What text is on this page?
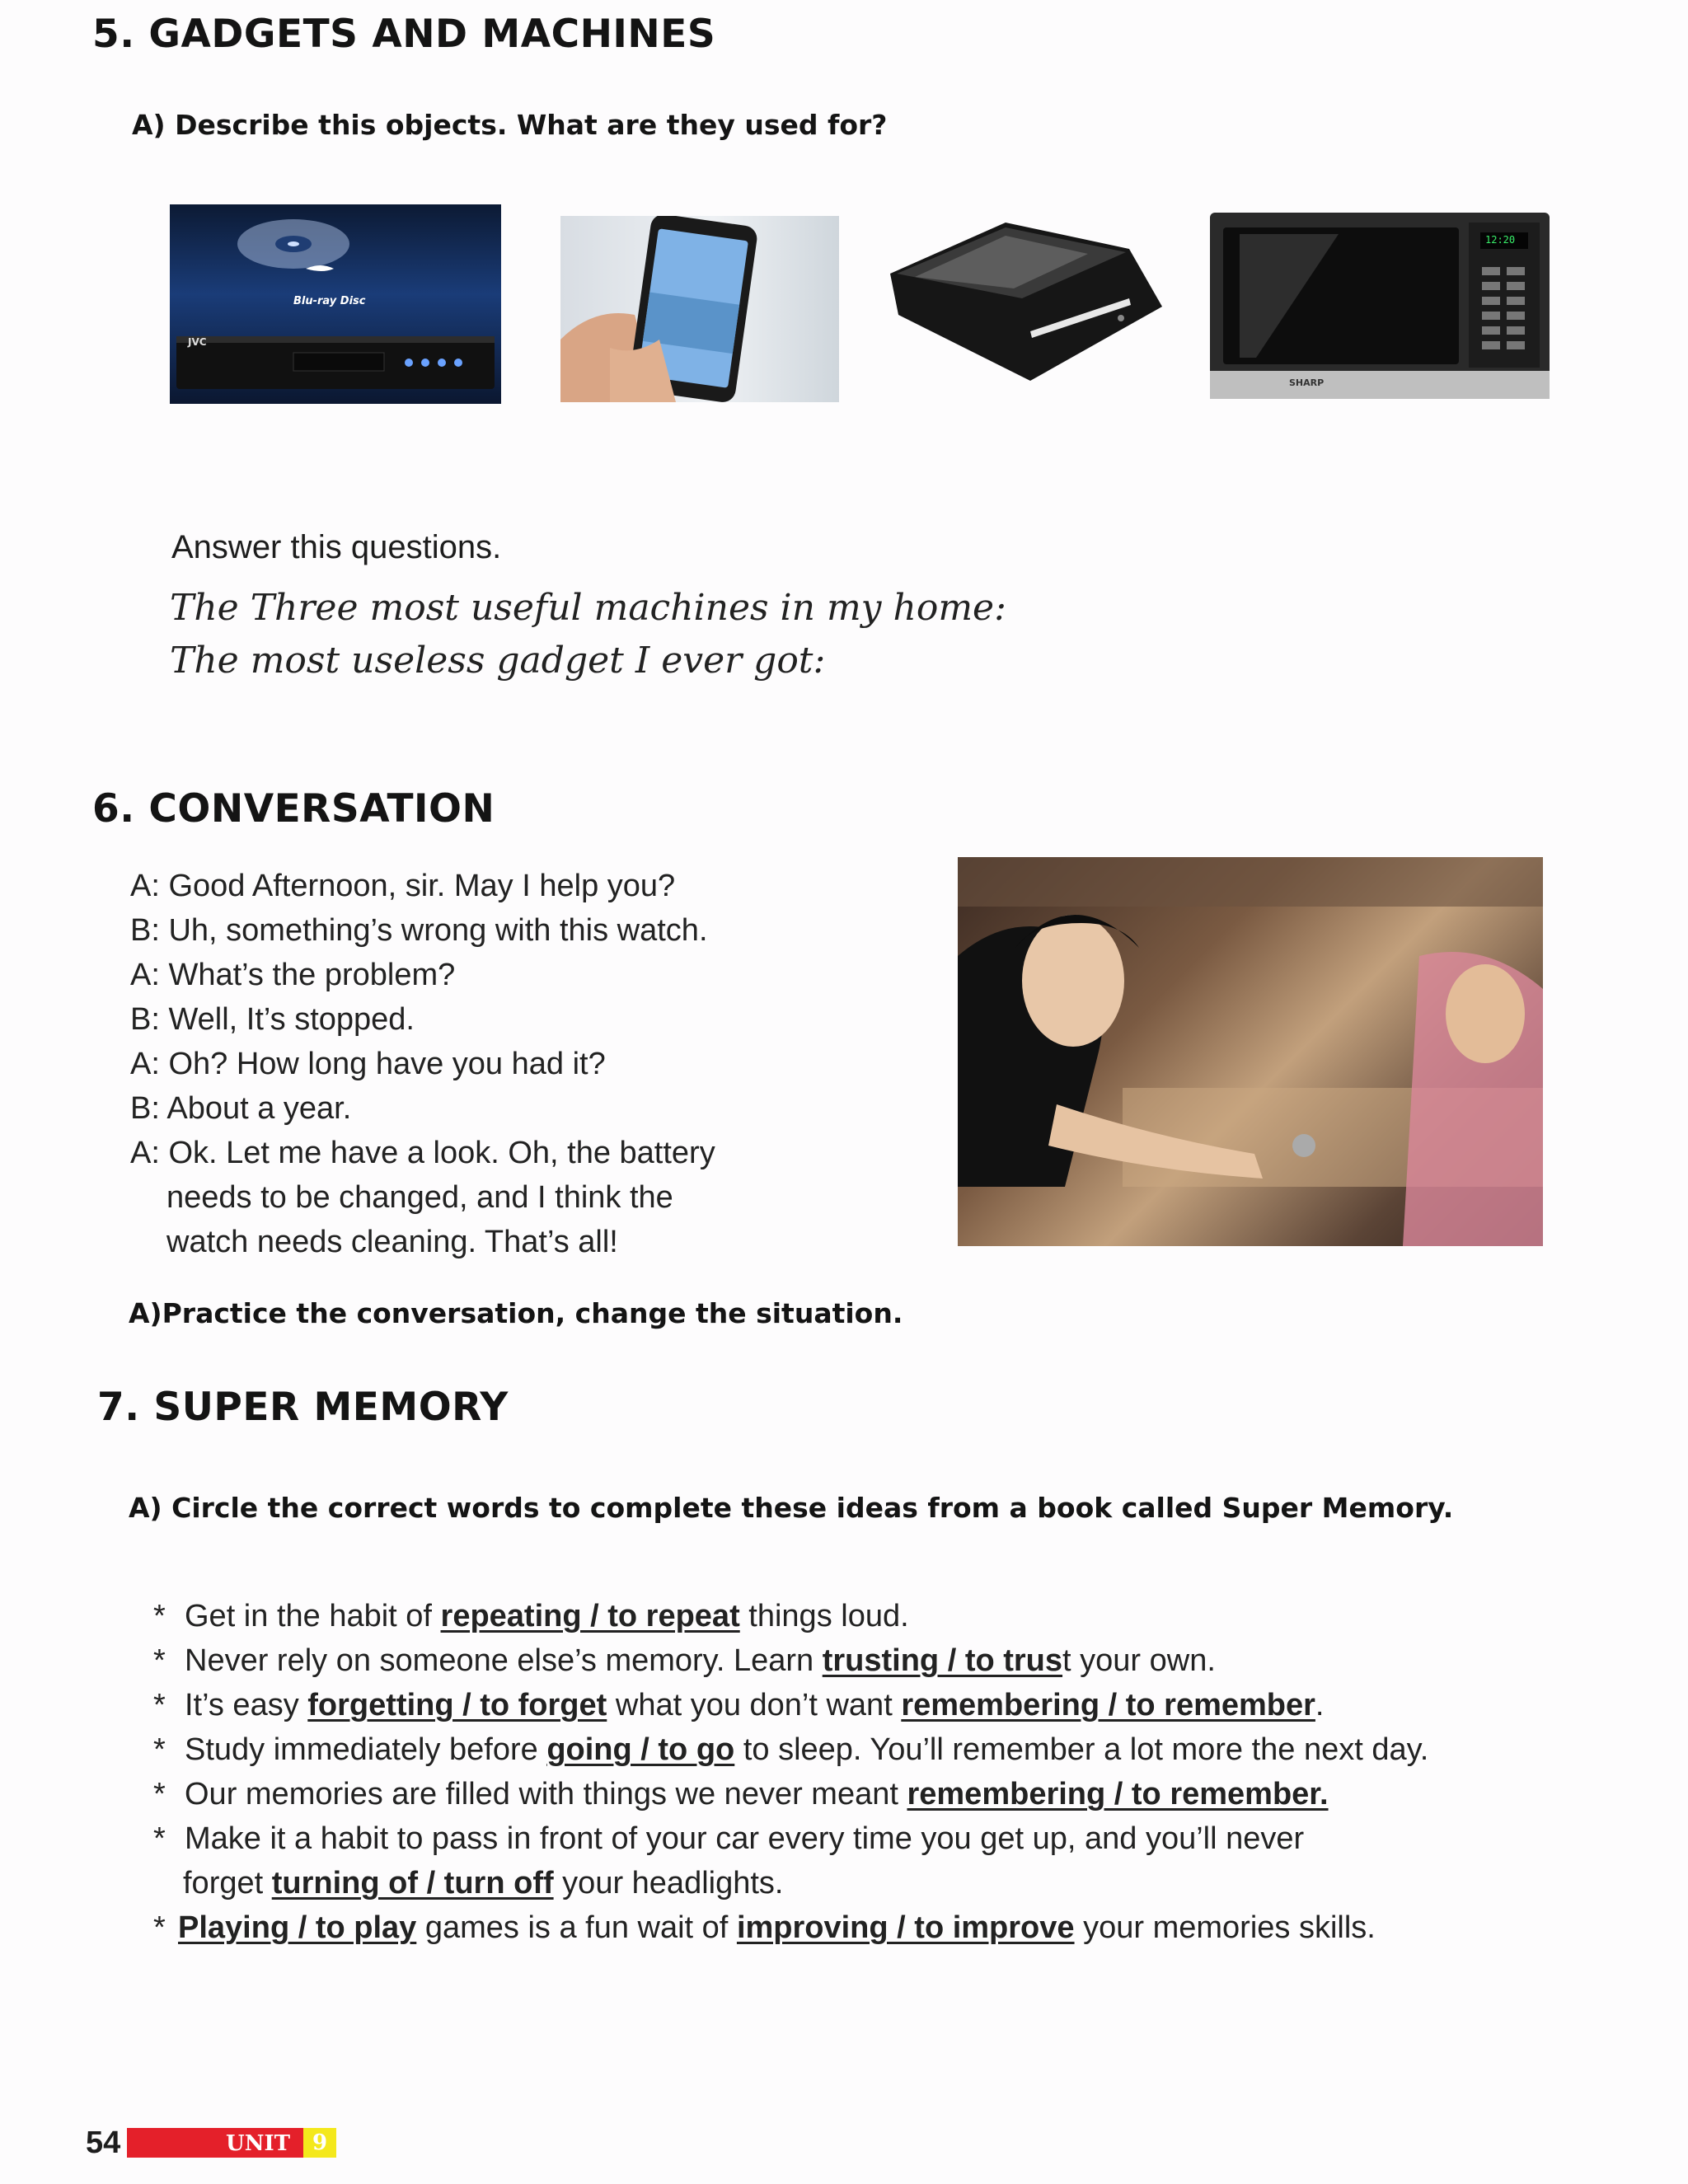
5. GADGETS AND MACHINES
A) Describe this objects. What are they used for?
Blu-ray Disc
JVC
12:20
SHARP
Answer this questions.
The Three most useful machines in my home:
The most useless gadget I ever got:
6. CONVERSATION
A: Good Afternoon, sir. May I help you?
B: Uh, something’s wrong with this watch.
A: What’s the problem?
B: Well, It’s stopped.
A: Oh? How long have you had it?
B: About a year.
A: Ok. Let me have a look. Oh, the battery
needs to be changed, and I think the
watch needs cleaning. That’s all!
A)Practice the conversation, change the situation.
7. SUPER MEMORY
A) Circle the correct words to complete these ideas from a book called Super Memory.
* Get in the habit of repeating / to repeat things loud.
* Never rely on someone else’s memory. Learn trusting / to trust your own.
* It’s easy forgetting / to forget what you don’t want remembering / to remember.
* Study immediately before going / to go to sleep. You’ll remember a lot more the next day.
* Our memories are filled with things we never meant remembering / to remember.
* Make it a habit to pass in front of your car every time you get up, and you’ll never
forget turning of / turn off your headlights.
* Playing / to play games is a fun wait of improving / to improve your memories skills.
54	UNIT	9
